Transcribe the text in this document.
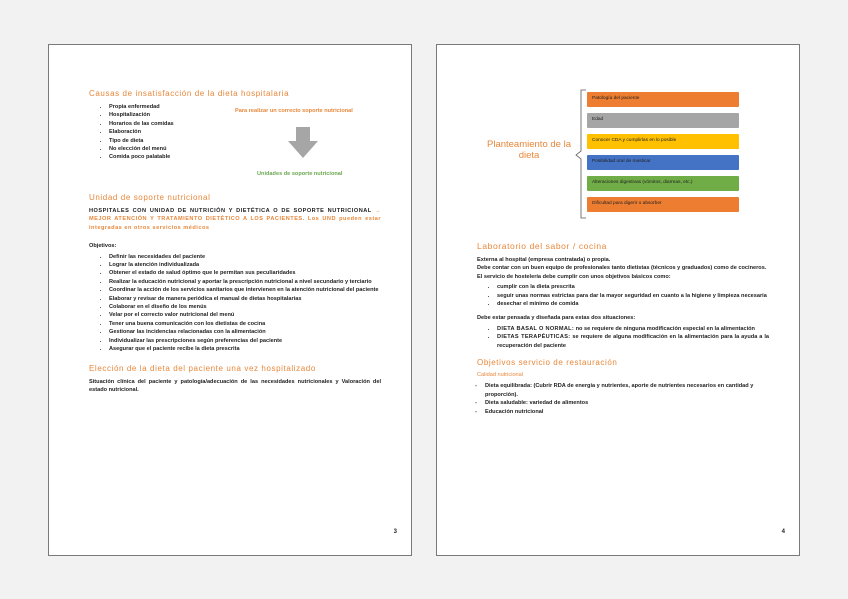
Causas de insatisfacción de la dieta hospitalaria

• Propia enfermedad
• Hospitalización
• Horarios de las comidas
• Elaboración
• Tipo de dieta
• No elección del menú
• Comida poco palatable
Para realizar un correcto soporte nutricional
Unidades de soporte nutricional

Unidad de soporte nutricional

HOSPITALES CON UNIDAD DE NUTRICIÓN Y DIETÉTICA O DE SOPORTE NUTRICIONAL → MEJOR ATENCIÓN Y TRATAMIENTO DIETÉTICO A LOS PACIENTES. Los UND pueden estar integradas en otros servicios médicos

Objetivos:

• Definir las necesidades del paciente
• Lograr la atención individualizada
• Obtener el estado de salud óptimo que le permitan sus peculiaridades
• Realizar la educación nutricional y aportar la prescripción nutricional a nivel secundario y terciario
• Coordinar la acción de los servicios sanitarios que intervienen en la atención nutricional del paciente
• Elaborar y revisar de manera periódica el manual de dietas hospitalarias
• Colaborar en el diseño de los menús
• Velar por el correcto valor nutricional del menú
• Tener una buena comunicación con los dietistas de cocina
• Gestionar las incidencias relacionadas con la alimentación
• Individualizar las prescripciones según preferencias del paciente
• Asegurar que el paciente recibe la dieta prescrita

Elección de la dieta del paciente una vez hospitalizado

Situación clínica del paciente y patología/adecuación de las necesidades nutricionales y Valoración del estado nutricional.

3
Planteamiento de la dieta
Patología del paciente
Edad
Conocer CDA y cumplirlas en lo posible
Posibilidad oral de masticar
Alteraciones digestivas (vómitos, diarreas, etc.)
Dificultad para digerir o absorber

Laboratorio del sabor / cocina

Externa al hospital (empresa contratada) o propia.

Debe contar con un buen equipo de profesionales tanto dietistas (técnicos y graduados) como de cocineros.

El servicio de hostelería debe cumplir con unos objetivos básicos como:

• cumplir con la dieta prescrita
• seguir unas normas estrictas para dar la mayor seguridad en cuanto a la higiene y limpieza necesaria
• desechar el mínimo de comida

Debe estar pensada y diseñada para estas dos situaciones:

• DIETA BASAL O NORMAL: no se requiere de ninguna modificación especial en la alimentación
• DIETAS TERAPÉUTICAS: se requiere de alguna modificación en la alimentación para la ayuda a la recuperación del paciente

Objetivos servicio de restauración

Calidad nutricional

- Dieta equilibrada: (Cubrir RDA de energía y nutrientes, aporte de nutrientes necesarios en cantidad y proporción).
- Dieta saludable: variedad de alimentos
- Educación nutricional
4
